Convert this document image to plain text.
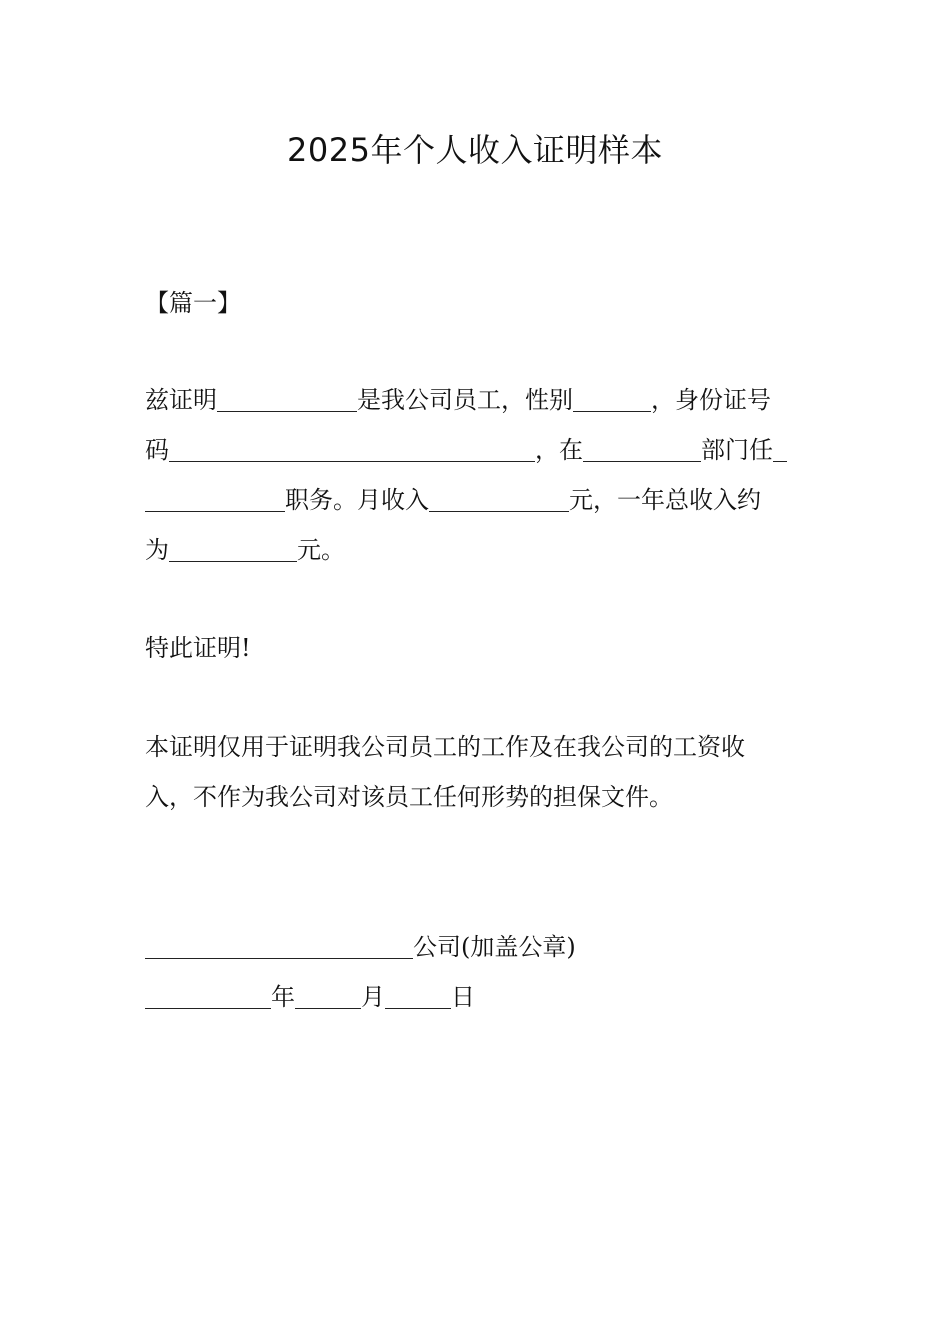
2025年个人收入证明样本
【篇一】
兹证明	是我公司员工，性别	，身份证号
码	，在	部门任
职务。月收入	元，一年总收入约
为	元。
特此证明!
本证明仅用于证明我公司员工的工作及在我公司的工资收
入，不作为我公司对该员工任何形势的担保文件。
公司(加盖公章)
年	月	日
